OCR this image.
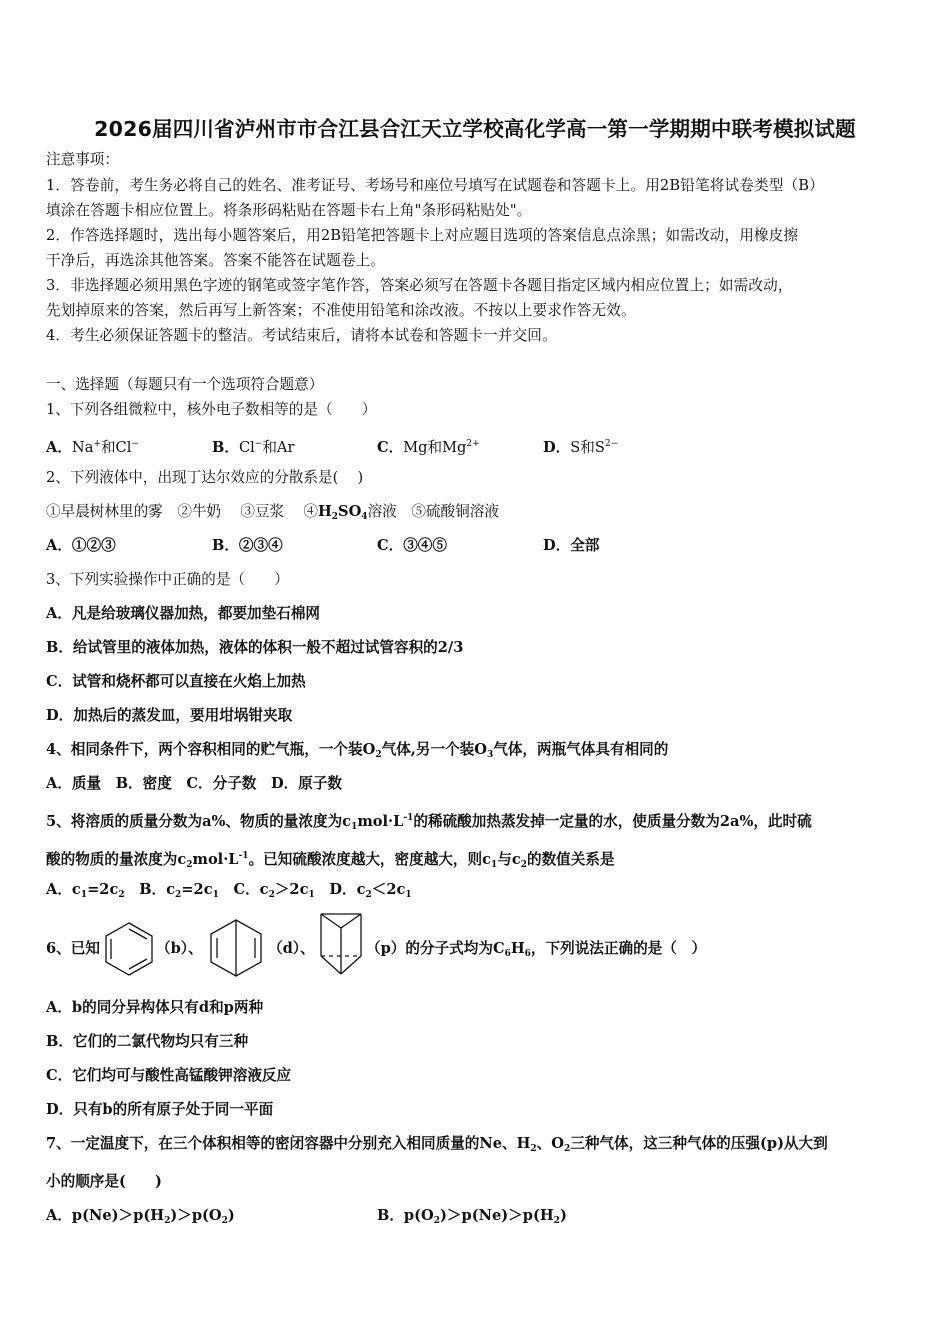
2026届四川省泸州市市合江县合江天立学校高化学高一第一学期期中联考模拟试题
注意事项：
1．答卷前，考生务必将自己的姓名、准考证号、考场号和座位号填写在试题卷和答题卡上。用2B铅笔将试卷类型（B）
填涂在答题卡相应位置上。将条形码粘贴在答题卡右上角"条形码粘贴处"。
2．作答选择题时，选出每小题答案后，用2B铅笔把答题卡上对应题目选项的答案信息点涂黑；如需改动，用橡皮擦
干净后，再选涂其他答案。答案不能答在试题卷上。
3．非选择题必须用黑色字迹的钢笔或签字笔作答，答案必须写在答题卡各题目指定区域内相应位置上；如需改动，
先划掉原来的答案，然后再写上新答案；不准使用铅笔和涂改液。不按以上要求作答无效。
4．考生必须保证答题卡的整洁。考试结束后，请将本试卷和答题卡一并交回。
一、选择题（每题只有一个选项符合题意）
1、下列各组微粒中，核外电子数相等的是（　　）
A．Na+和Cl−	B．Cl−和Ar	C．Mg和$Mg^{2+}$	D．S和$S^{2-}$
2、下列液体中，出现丁达尔效应的分散系是(　 )
①早晨树林里的雾　②牛奶　 ③豆浆　 $④H_2SO_4$溶液　⑤硫酸铜溶液
A．①②③	B．②③④	C．③④⑤	D．全部
3、下列实验操作中正确的是（　　）
A．凡是给玻璃仪器加热，都要加垫石棉网
B．给试管里的液体加热，液体的体积一般不超过试管容积的2/3
C．试管和烧杯都可以直接在火焰上加热
D．加热后的蒸发皿，要用坩埚钳夹取
4、相同条件下，两个容积相同的贮气瓶，一个装$O_2$气体,另一个装$O_3$气体，两瓶气体具有相同的
A．质量　B．密度　C．分子数　D．原子数
5、将溶质的质量分数为a%、物质的量浓度为$c_1mol\cdot L^{-1}$的稀硫酸加热蒸发掉一定量的水，使质量分数为2a%，此时硫
酸的物质的量浓度为$c_2mol\cdot L^{-1}$。已知硫酸浓度越大，密度越大，则$c_1$与$c_2$的数值关系是
A．$c_1=2c_2$　B．$c_2=2c_1$　C．$c_2>2c_1$　D．$c_2<2c_1$
6、已知	（b）、	（d）、	（p）的分子式均为$C_6H_6$，下列说法正确的是（　）
A．b的同分异构体只有d和p两种
B．它们的二氯代物均只有三种
C．它们均可与酸性高锰酸钾溶液反应
D．只有b的所有原子处于同一平面
7、一定温度下，在三个体积相等的密闭容器中分别充入相同质量的Ne、$H_2$、$O_2$三种气体，这三种气体的压强(p)从大到
小的顺序是(　　)
A．$p(Ne)>p(H_2)>p(O_2)$	B．$p(O_2)>p(Ne)>p(H_2)$
